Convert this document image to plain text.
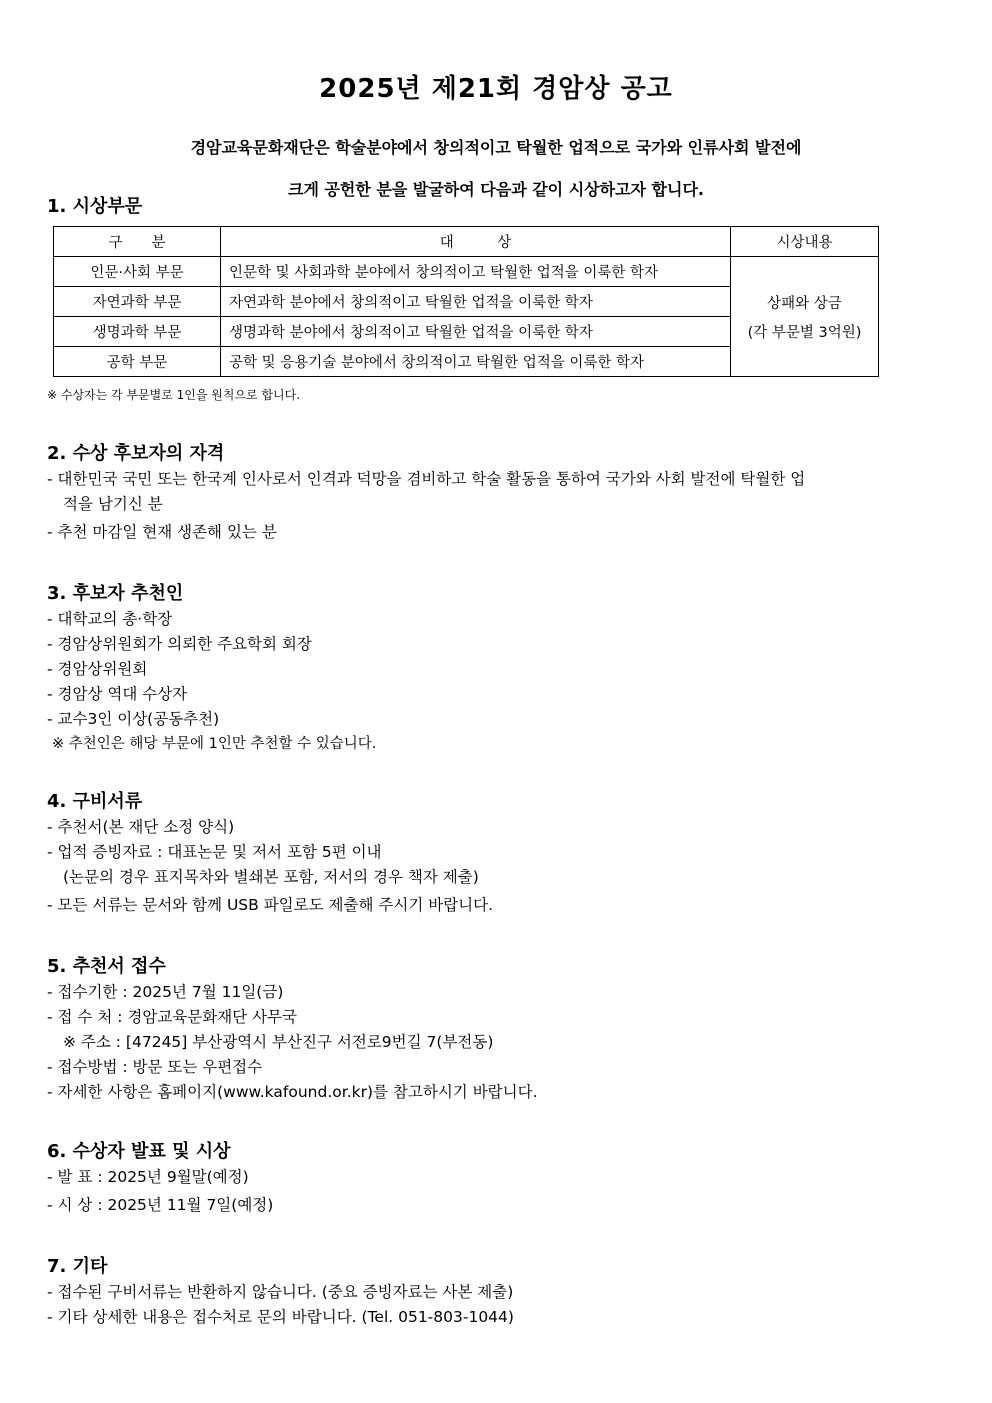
2025년 제21회 경암상 공고
경암교육문화재단은 학술분야에서 창의적이고 탁월한 업적으로 국가와 인류사회 발전에
크게 공헌한 분을 발굴하여 다음과 같이 시상하고자 합니다.
1. 시상부문
구　　분	대　　　상	시상내용
인문·사회 부문	인문학 및 사회과학 분야에서 창의적이고 탁월한 업적을 이룩한 학자	상패와 상금
(각 부문별 3억원)

자연과학 부문	자연과학 분야에서 창의적이고 탁월한 업적을 이룩한 학자	
생명과학 부문	생명과학 분야에서 창의적이고 탁월한 업적을 이룩한 학자	
공학 부문	공학 및 응용기술 분야에서 창의적이고 탁월한 업적을 이룩한 학자	
※ 수상자는 각 부문별로 1인을 원칙으로 합니다.
2. 수상 후보자의 자격
- 대한민국 국민 또는 한국계 인사로서 인격과 덕망을 겸비하고 학술 활동을 통하여 국가와 사회 발전에 탁월한 업
적을 남기신 분
- 추천 마감일 현재 생존해 있는 분
3. 후보자 추천인
- 대학교의 총·학장
- 경암상위원회가 의뢰한 주요학회 회장
- 경암상위원회
- 경암상 역대 수상자
- 교수3인 이상(공동추천)
※ 추천인은 해당 부문에 1인만 추천할 수 있습니다.
4. 구비서류
- 추천서(본 재단 소정 양식)
- 업적 증빙자료 : 대표논문 및 저서 포함 5편 이내
(논문의 경우 표지목차와 별쇄본 포함, 저서의 경우 책자 제출)
- 모든 서류는 문서와 함께 USB 파일로도 제출해 주시기 바랍니다.
5. 추천서 접수
- 접수기한 : 2025년 7월 11일(금)
- 접 수 처 : 경암교육문화재단 사무국
※ 주소 : [47245] 부산광역시 부산진구 서전로9번길 7(부전동)
- 접수방법 : 방문 또는 우편접수
- 자세한 사항은 홈페이지(www.kafound.or.kr)를 참고하시기 바랍니다.
6. 수상자 발표 및 시상
- 발 표 : 2025년 9월말(예정)
- 시 상 : 2025년 11월 7일(예정)
7. 기타
- 접수된 구비서류는 반환하지 않습니다. (중요 증빙자료는 사본 제출)
- 기타 상세한 내용은 접수처로 문의 바랍니다. (Tel. 051-803-1044)
